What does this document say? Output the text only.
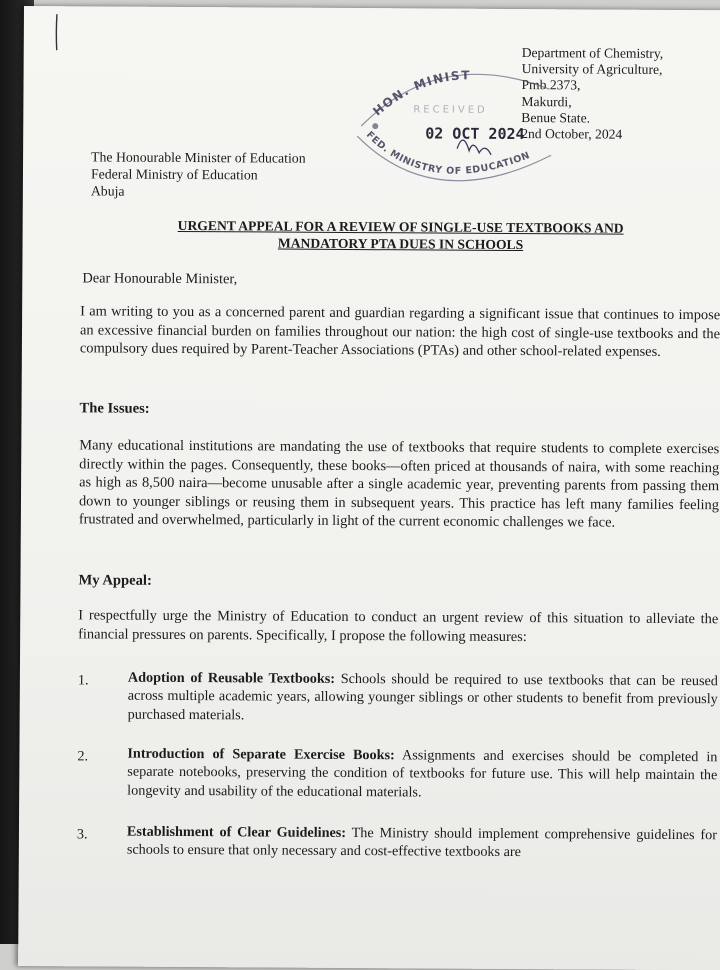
Department of Chemistry,
University of Agriculture,
Pmb 2373,
Makurdi,
Benue State.
2nd October, 2024
HON. MINIST
RECEIVED
02 OCT 2024
FED. MINISTRY OF EDUCATION
The Honourable Minister of Education
Federal Ministry of Education
Abuja
URGENT APPEAL FOR A REVIEW OF SINGLE-USE TEXTBOOKS AND
MANDATORY PTA DUES IN SCHOOLS
Dear Honourable Minister,
I am writing to you as a concerned parent and guardian regarding a significant issue that continues to impose an excessive financial burden on families throughout our nation: the high cost of single-use textbooks and the compulsory dues required by Parent-Teacher Associations (PTAs) and other school-related expenses.
The Issues:
Many educational institutions are mandating the use of textbooks that require students to complete exercises directly within the pages. Consequently, these books—often priced at thousands of naira, with some reaching as high as 8,500 naira—become unusable after a single academic year, preventing parents from passing them down to younger siblings or reusing them in subsequent years. This practice has left many families feeling frustrated and overwhelmed, particularly in light of the current economic challenges we face.
My Appeal:
I respectfully urge the Ministry of Education to conduct an urgent review of this situation to alleviate the financial pressures on parents. Specifically, I propose the following measures:
1.	Adoption of Reusable Textbooks: Schools should be required to use textbooks that can be reused across multiple academic years, allowing younger siblings or other students to benefit from previously purchased materials.
2.	Introduction of Separate Exercise Books: Assignments and exercises should be completed in separate notebooks, preserving the condition of textbooks for future use. This will help maintain the longevity and usability of the educational materials.
3.	Establishment of Clear Guidelines: The Ministry should implement comprehensive guidelines for schools to ensure that only necessary and cost-effective textbooks are
